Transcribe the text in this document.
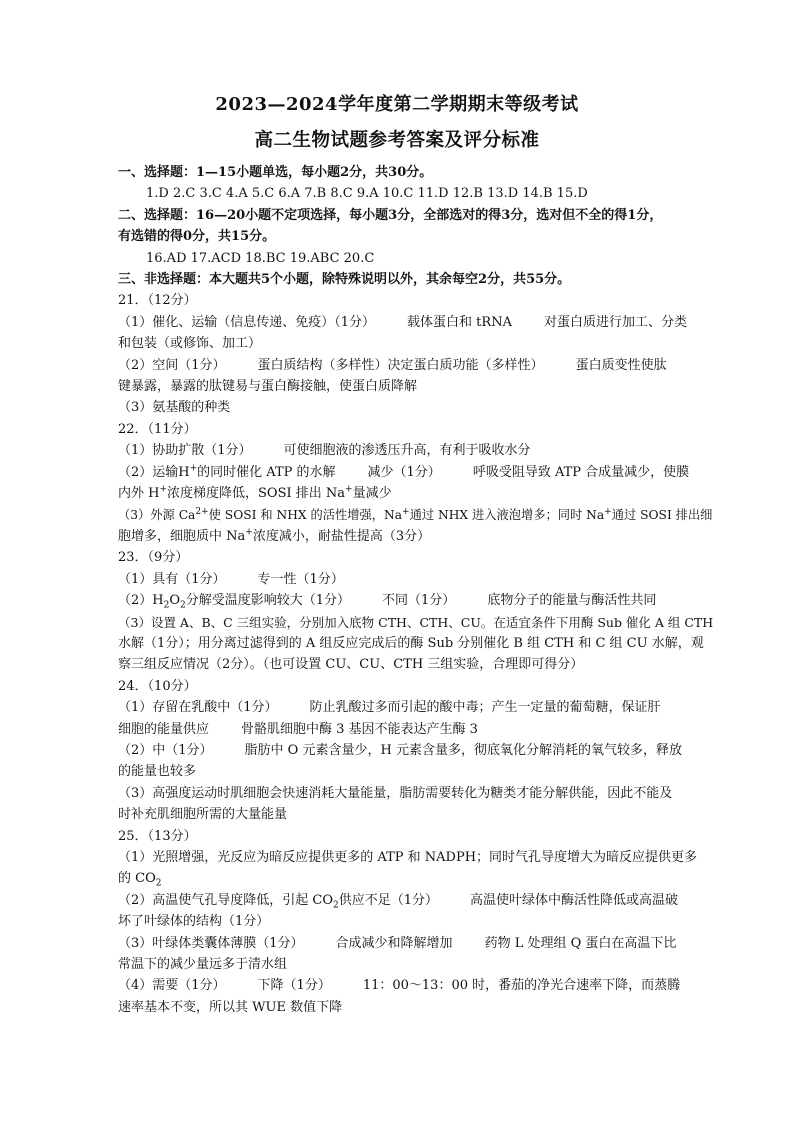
2023—2024学年度第二学期期末等级考试
高二生物试题参考答案及评分标准
一、选择题：1—15小题单选，每小题2分，共30分。
1.D 2.C 3.C 4.A 5.C 6.A 7.B 8.C 9.A 10.C 11.D 12.B 13.D 14.B 15.D
二、选择题：16—20小题不定项选择，每小题3分，全部选对的得3分，选对但不全的得1分，
有选错的得0分，共15分。
16.AD 17.ACD 18.BC 19.ABC 20.C
三、非选择题：本大题共5个小题，除特殊说明以外，其余每空2分，共55分。
21．（12分）
（1）催化、运输（信息传递、免疫）（1分） 载体蛋白和 tRNA 对蛋白质进行加工、分类
和包装（或修饰、加工）
（2）空间（1分） 蛋白质结构（多样性）决定蛋白质功能（多样性） 蛋白质变性使肽
键暴露，暴露的肽键易与蛋白酶接触，使蛋白质降解
（3）氨基酸的种类
22．（11分）
（1）协助扩散（1分） 可使细胞液的渗透压升高，有利于吸收水分
（2）运输H+的同时催化 ATP 的水解 减少（1分） 呼吸受阻导致 ATP 合成量减少，使膜
内外 H+浓度梯度降低，SOSI 排出 Na+量减少
（3）外源 $Ca^{2+}$使 SOSI 和 NHX 的活性增强，Na+通过 NHX 进入液泡增多；同时 Na+通过 SOSI 排出细
胞增多，细胞质中 Na+浓度减小，耐盐性提高（3分）
23．（9分）
（1）具有（1分） 专一性（1分）
$(2)H_2O_2$分解受温度影响较大（1分） 不同（1分） 底物分子的能量与酶活性共同
（3）设置 A、B、C 三组实验，分别加入底物 CTH、CTH、CU。在适宜条件下用酶 Sub 催化 A 组 CTH
水解（1分）；用分离过滤得到的 A 组反应完成后的酶 Sub 分别催化 B 组 CTH 和 C 组 CU 水解，观
察三组反应情况（2分）。（也可设置 CU、CU、CTH 三组实验，合理即可得分）
24．（10分）
（1）存留在乳酸中（1分） 防止乳酸过多而引起的酸中毒；产生一定量的葡萄糖，保证肝
细胞的能量供应 骨骼肌细胞中酶 3 基因不能表达产生酶 3
（2）中（1分） 脂肪中 O 元素含量少，H 元素含量多，彻底氧化分解消耗的氧气较多，释放
的能量也较多
（3）高强度运动时肌细胞会快速消耗大量能量，脂肪需要转化为糖类才能分解供能，因此不能及
时补充肌细胞所需的大量能量
25．（13分）
（1）光照增强，光反应为暗反应提供更多的 ATP 和 NADPH；同时气孔导度增大为暗反应提供更多
的 $CO_2$
（2）高温使气孔导度降低，引起 $CO_2$供应不足（1分） 高温使叶绿体中酶活性降低或高温破
坏了叶绿体的结构（1分）
（3）叶绿体类囊体薄膜（1分） 合成减少和降解增加 药物 L 处理组 Q 蛋白在高温下比
常温下的减少量远多于清水组
（4）需要（1分） 下降（1分） 11：00～13：00 时，番茄的净光合速率下降，而蒸腾
速率基本不变，所以其 WUE 数值下降
